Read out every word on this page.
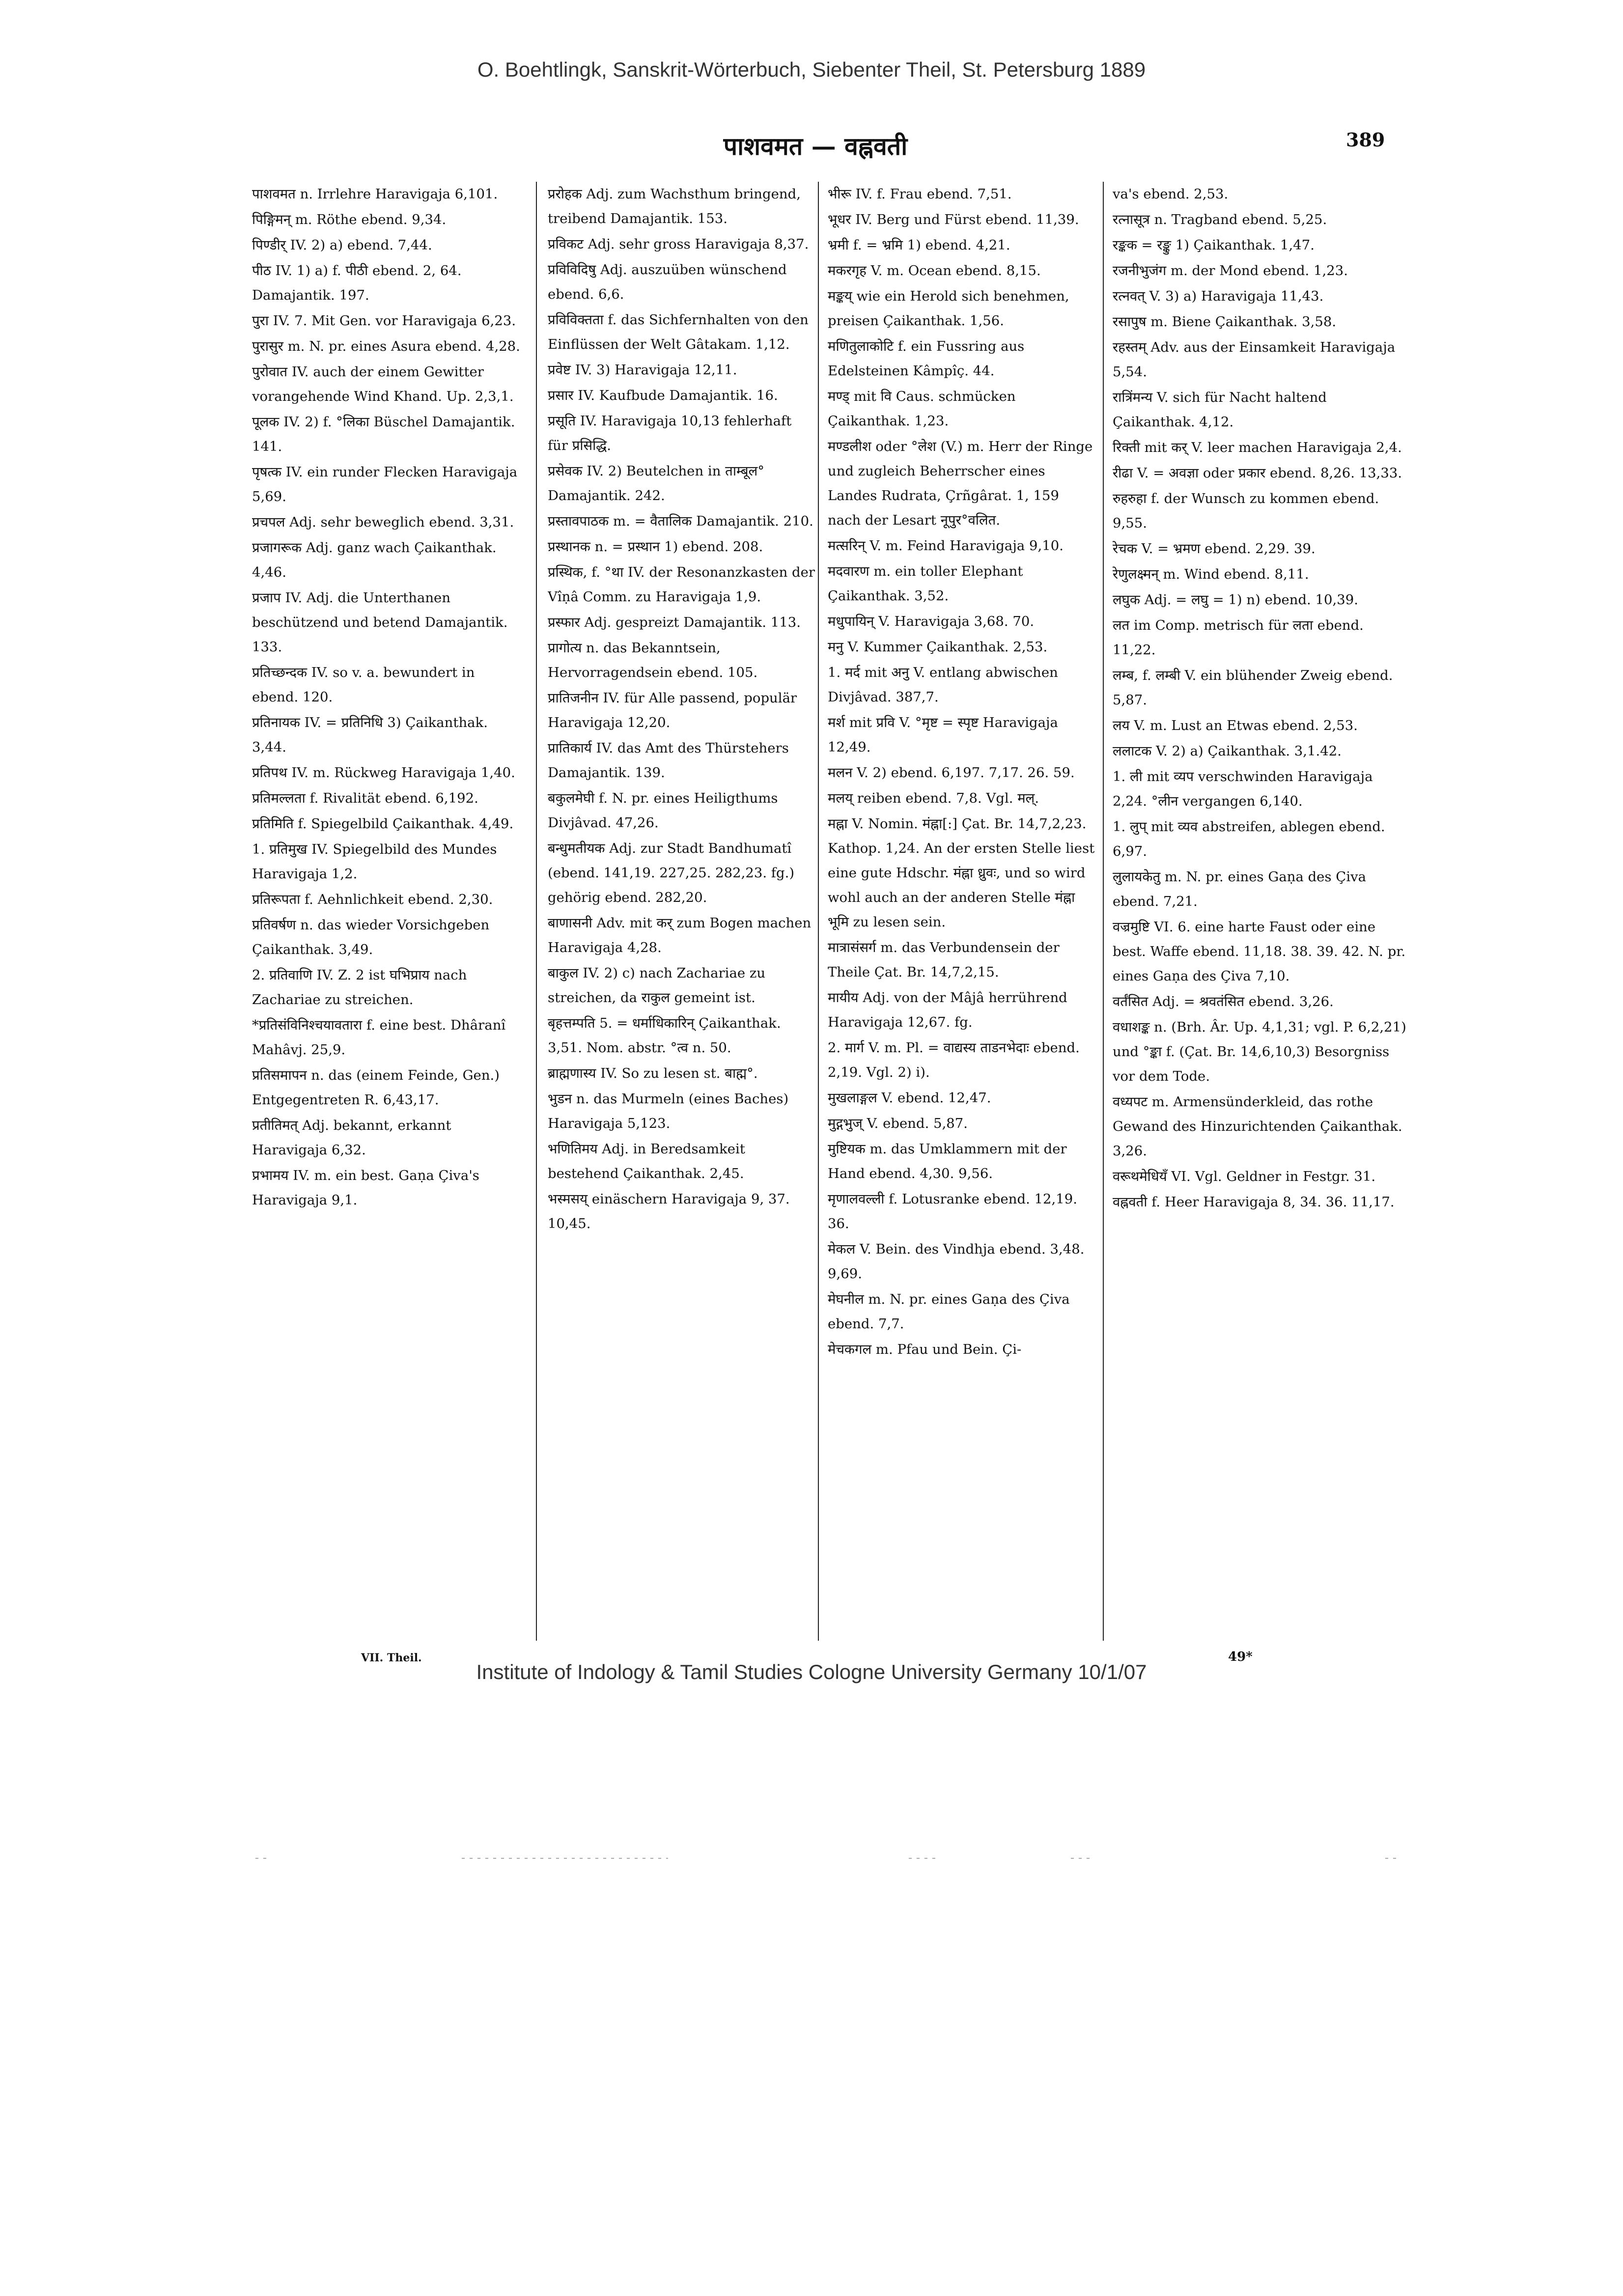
O. Boehtlingk, Sanskrit-Wörterbuch, Siebenter Theil, St. Petersburg 1889
पाशवमत — वह्नवती	389

पाशवमत n. Irrlehre Haravigaja 6,101.

पिङ्गिमन् m. Röthe ebend. 9,34.

पिण्डीर् IV. 2) a) ebend. 7,44.

पीठ IV. 1) a) f. पीठी ebend. 2, 64. Damajantik. 197.

पुरा IV. 7. Mit Gen. vor Haravigaja 6,23.

पुरासुर m. N. pr. eines Asura ebend. 4,28.

पुरोवात IV. auch der einem Gewitter vorangehende Wind Khand. Up. 2,3,1.

पूलक IV. 2) f. °लिका Büschel Damajantik. 141.

पृषत्क IV. ein runder Flecken Haravigaja 5,69.

प्रचपल Adj. sehr beweglich ebend. 3,31.

प्रजागरूक Adj. ganz wach Çaikanthak. 4,46.

प्रजाप IV. Adj. die Unterthanen beschützend und betend Damajantik. 133.

प्रतिच्छन्दक IV. so v. a. bewundert in ebend. 120.

प्रतिनायक IV. = प्रतिनिधि 3) Çaikanthak. 3,44.

प्रतिपथ IV. m. Rückweg Haravigaja 1,40.

प्रतिमल्लता f. Rivalität ebend. 6,192.

प्रतिमिति f. Spiegelbild Çaikanthak. 4,49.

1. प्रतिमुख IV. Spiegelbild des Mundes Haravigaja 1,2.

प्रतिरूपता f. Aehnlichkeit ebend. 2,30.

प्रतिवर्षण n. das wieder Vorsichgeben Çaikanthak. 3,49.

2. प्रतिवाणि IV. Z. 2 ist घभिप्राय nach Zachariae zu streichen.

*प्रतिसंविनिश्चयावतारा f. eine best. Dhâranî Mahâvj. 25,9.

प्रतिसमापन n. das (einem Feinde, Gen.) Entgegentreten R. 6,43,17.

प्रतीतिमत् Adj. bekannt, erkannt Haravigaja 6,32.

प्रभामय IV. m. ein best. Gaṇa Çiva's Haravigaja 9,1.

प्ररोहक Adj. zum Wachsthum bringend, treibend Damajantik. 153.

प्रविकट Adj. sehr gross Haravigaja 8,37.

प्रविविदिषु Adj. auszuüben wünschend ebend. 6,6.

प्रविविक्तता f. das Sichfernhalten von den Einflüssen der Welt Gâtakam. 1,12.

प्रवेष्ट IV. 3) Haravigaja 12,11.

प्रसार IV. Kaufbude Damajantik. 16.

प्रसूति IV. Haravigaja 10,13 fehlerhaft für प्रसिद्धि.

प्रसेवक IV. 2) Beutelchen in ताम्बूल° Damajantik. 242.

प्रस्तावपाठक m. = वैतालिक Damajantik. 210.

प्रस्थानक n. = प्रस्थान 1) ebend. 208.

प्रस्थिक, f. °था IV. der Resonanzkasten der Vîṇâ Comm. zu Haravigaja 1,9.

प्रस्फार Adj. gespreizt Damajantik. 113.

प्रागोत्य n. das Bekanntsein, Hervorragendsein ebend. 105.

प्रातिजनीन IV. für Alle passend, populär Haravigaja 12,20.

प्रातिकार्य IV. das Amt des Thürstehers Damajantik. 139.

बकुलमेघी f. N. pr. eines Heiligthums Divjâvad. 47,26.

बन्धुमतीयक Adj. zur Stadt Bandhumatî (ebend. 141,19. 227,25. 282,23. fg.) gehörig ebend. 282,20.

बाणासनी Adv. mit कर् zum Bogen machen Haravigaja 4,28.

बाकुल IV. 2) c) nach Zachariae zu streichen, da राकुल gemeint ist.

बृहत्तम्पति 5. = धर्माधिकारिन् Çaikanthak. 3,51. Nom. abstr. °त्व n. 50.

ब्राह्मणास्य IV. So zu lesen st. बाह्म°.

भुडन n. das Murmeln (eines Baches) Haravigaja 5,123.

भणितिमय Adj. in Beredsamkeit bestehend Çaikanthak. 2,45.

भस्मसय् einäschern Haravigaja 9, 37. 10,45.

भीरू IV. f. Frau ebend. 7,51.

भूधर IV. Berg und Fürst ebend. 11,39.

भ्रमी f. = भ्रमि 1) ebend. 4,21.

मकरगृह V. m. Ocean ebend. 8,15.

मङ्कय् wie ein Herold sich benehmen, preisen Çaikanthak. 1,56.

मणितुलाकोटि f. ein Fussring aus Edelsteinen Kâmpîç. 44.

मण्ड् mit वि Caus. schmücken Çaikanthak. 1,23.

मण्डलीश oder °लेश (V.) m. Herr der Ringe und zugleich Beherrscher eines Landes Rudrata, Çrñgârat. 1, 159 nach der Lesart नूपुर°वलित.

मत्सरिन् V. m. Feind Haravigaja 9,10.

मदवारण m. ein toller Elephant Çaikanthak. 3,52.

मधुपायिन् V. Haravigaja 3,68. 70.

मनु V. Kummer Çaikanthak. 2,53.

1. मर्द mit अनु V. entlang abwischen Divjâvad. 387,7.

मर्श mit प्रवि V. °मृष्ट = स्पृष्ट Haravigaja 12,49.

मलन V. 2) ebend. 6,197. 7,17. 26. 59.

मलय् reiben ebend. 7,8. Vgl. मल्.

मह्ना V. Nomin. मंह्ना[:] Çat. Br. 14,7,2,23. Kathop. 1,24. An der ersten Stelle liest eine gute Hdschr. मंह्ना ध्रुवः, und so wird wohl auch an der anderen Stelle मंह्ना भूमि zu lesen sein.

मात्रासंसर्ग m. das Verbundensein der Theile Çat. Br. 14,7,2,15.

मायीय Adj. von der Mâjâ herrührend Haravigaja 12,67. fg.

2. मार्ग V. m. Pl. = वाद्यस्य ताडनभेदाः ebend. 2,19. Vgl. 2) i).

मुखलाङ्गल V. ebend. 12,47.

मुद्गभुज् V. ebend. 5,87.

मुष्टियक m. das Umklammern mit der Hand ebend. 4,30. 9,56.

मृणालवल्ली f. Lotusranke ebend. 12,19. 36.

मेकल V. Bein. des Vindhja ebend. 3,48. 9,69.

मेघनील m. N. pr. eines Gaṇa des Çiva ebend. 7,7.

मेचकगल m. Pfau und Bein. Çi-

va's ebend. 2,53.

रत्नासूत्र n. Tragband ebend. 5,25.

रङ्कक = रङ्कु 1) Çaikanthak. 1,47.

रजनीभुजंग m. der Mond ebend. 1,23.

रत्नवत् V. 3) a) Haravigaja 11,43.

रसापुष m. Biene Çaikanthak. 3,58.

रहस्तम् Adv. aus der Einsamkeit Haravigaja 5,54.

रात्रिंमन्य V. sich für Nacht haltend Çaikanthak. 4,12.

रिक्ती mit कर् V. leer machen Haravigaja 2,4.

रीढा V. = अवज्ञा oder प्रकार ebend. 8,26. 13,33.

रुहरुहा f. der Wunsch zu kommen ebend. 9,55.

रेचक V. = भ्रमण ebend. 2,29. 39.

रेणुलक्ष्मन् m. Wind ebend. 8,11.

लघुक Adj. = लघु = 1) n) ebend. 10,39.

लत im Comp. metrisch für लता ebend. 11,22.

लम्ब, f. लम्बी V. ein blühender Zweig ebend. 5,87.

लय V. m. Lust an Etwas ebend. 2,53.

ललाटक V. 2) a) Çaikanthak. 3,1.42.

1. ली mit व्यप verschwinden Haravigaja 2,24. °लीन vergangen 6,140.

1. लुप् mit व्यव abstreifen, ablegen ebend. 6,97.

लुलायकेतु m. N. pr. eines Gaṇa des Çiva ebend. 7,21.

वज्रमुष्टि VI. 6. eine harte Faust oder eine best. Waffe ebend. 11,18. 38. 39. 42. N. pr. eines Gaṇa des Çiva 7,10.

वर्तंसित Adj. = श्रवतंसित ebend. 3,26.

वधाशङ्क n. (Brh. Âr. Up. 4,1,31; vgl. P. 6,2,21) und °ङ्का f. (Çat. Br. 14,6,10,3) Besorgniss vor dem Tode.

वध्यपट m. Armensünderkleid, das rothe Gewand des Hinzurichtenden Çaikanthak. 3,26.

वरूथमेधियँ VI. Vgl. Geldner in Festgr. 31.

वह्नवती f. Heer Haravigaja 8, 34. 36. 11,17.

VII. Theil.
Institute of Indology & Tamil Studies Cologne University Germany 10/1/07
49*
